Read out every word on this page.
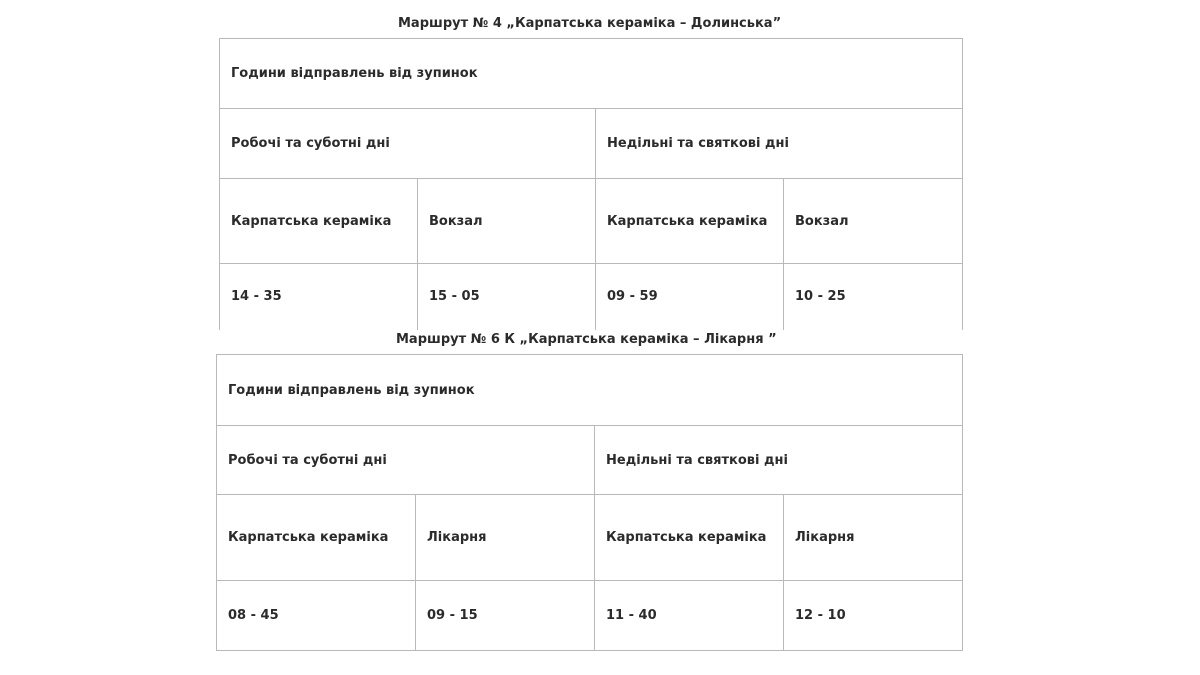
Маршрут № 4 „Карпатська кераміка – Долинська”
Години відправлень від зупинок			
Робочі та суботні дні		Недільні та святкові дні	
Карпатська кераміка	Вокзал	Карпатська кераміка	Вокзал
14 - 35	15 - 05	09 - 59	10 - 25
Маршрут № 6 К „Карпатська кераміка – Лікарня ”
Години відправлень від зупинок			
Робочі та суботні дні		Недільні та святкові дні	
Карпатська кераміка	Лікарня	Карпатська кераміка	Лікарня
08 - 45	09 - 15	11 - 40	12 - 10
